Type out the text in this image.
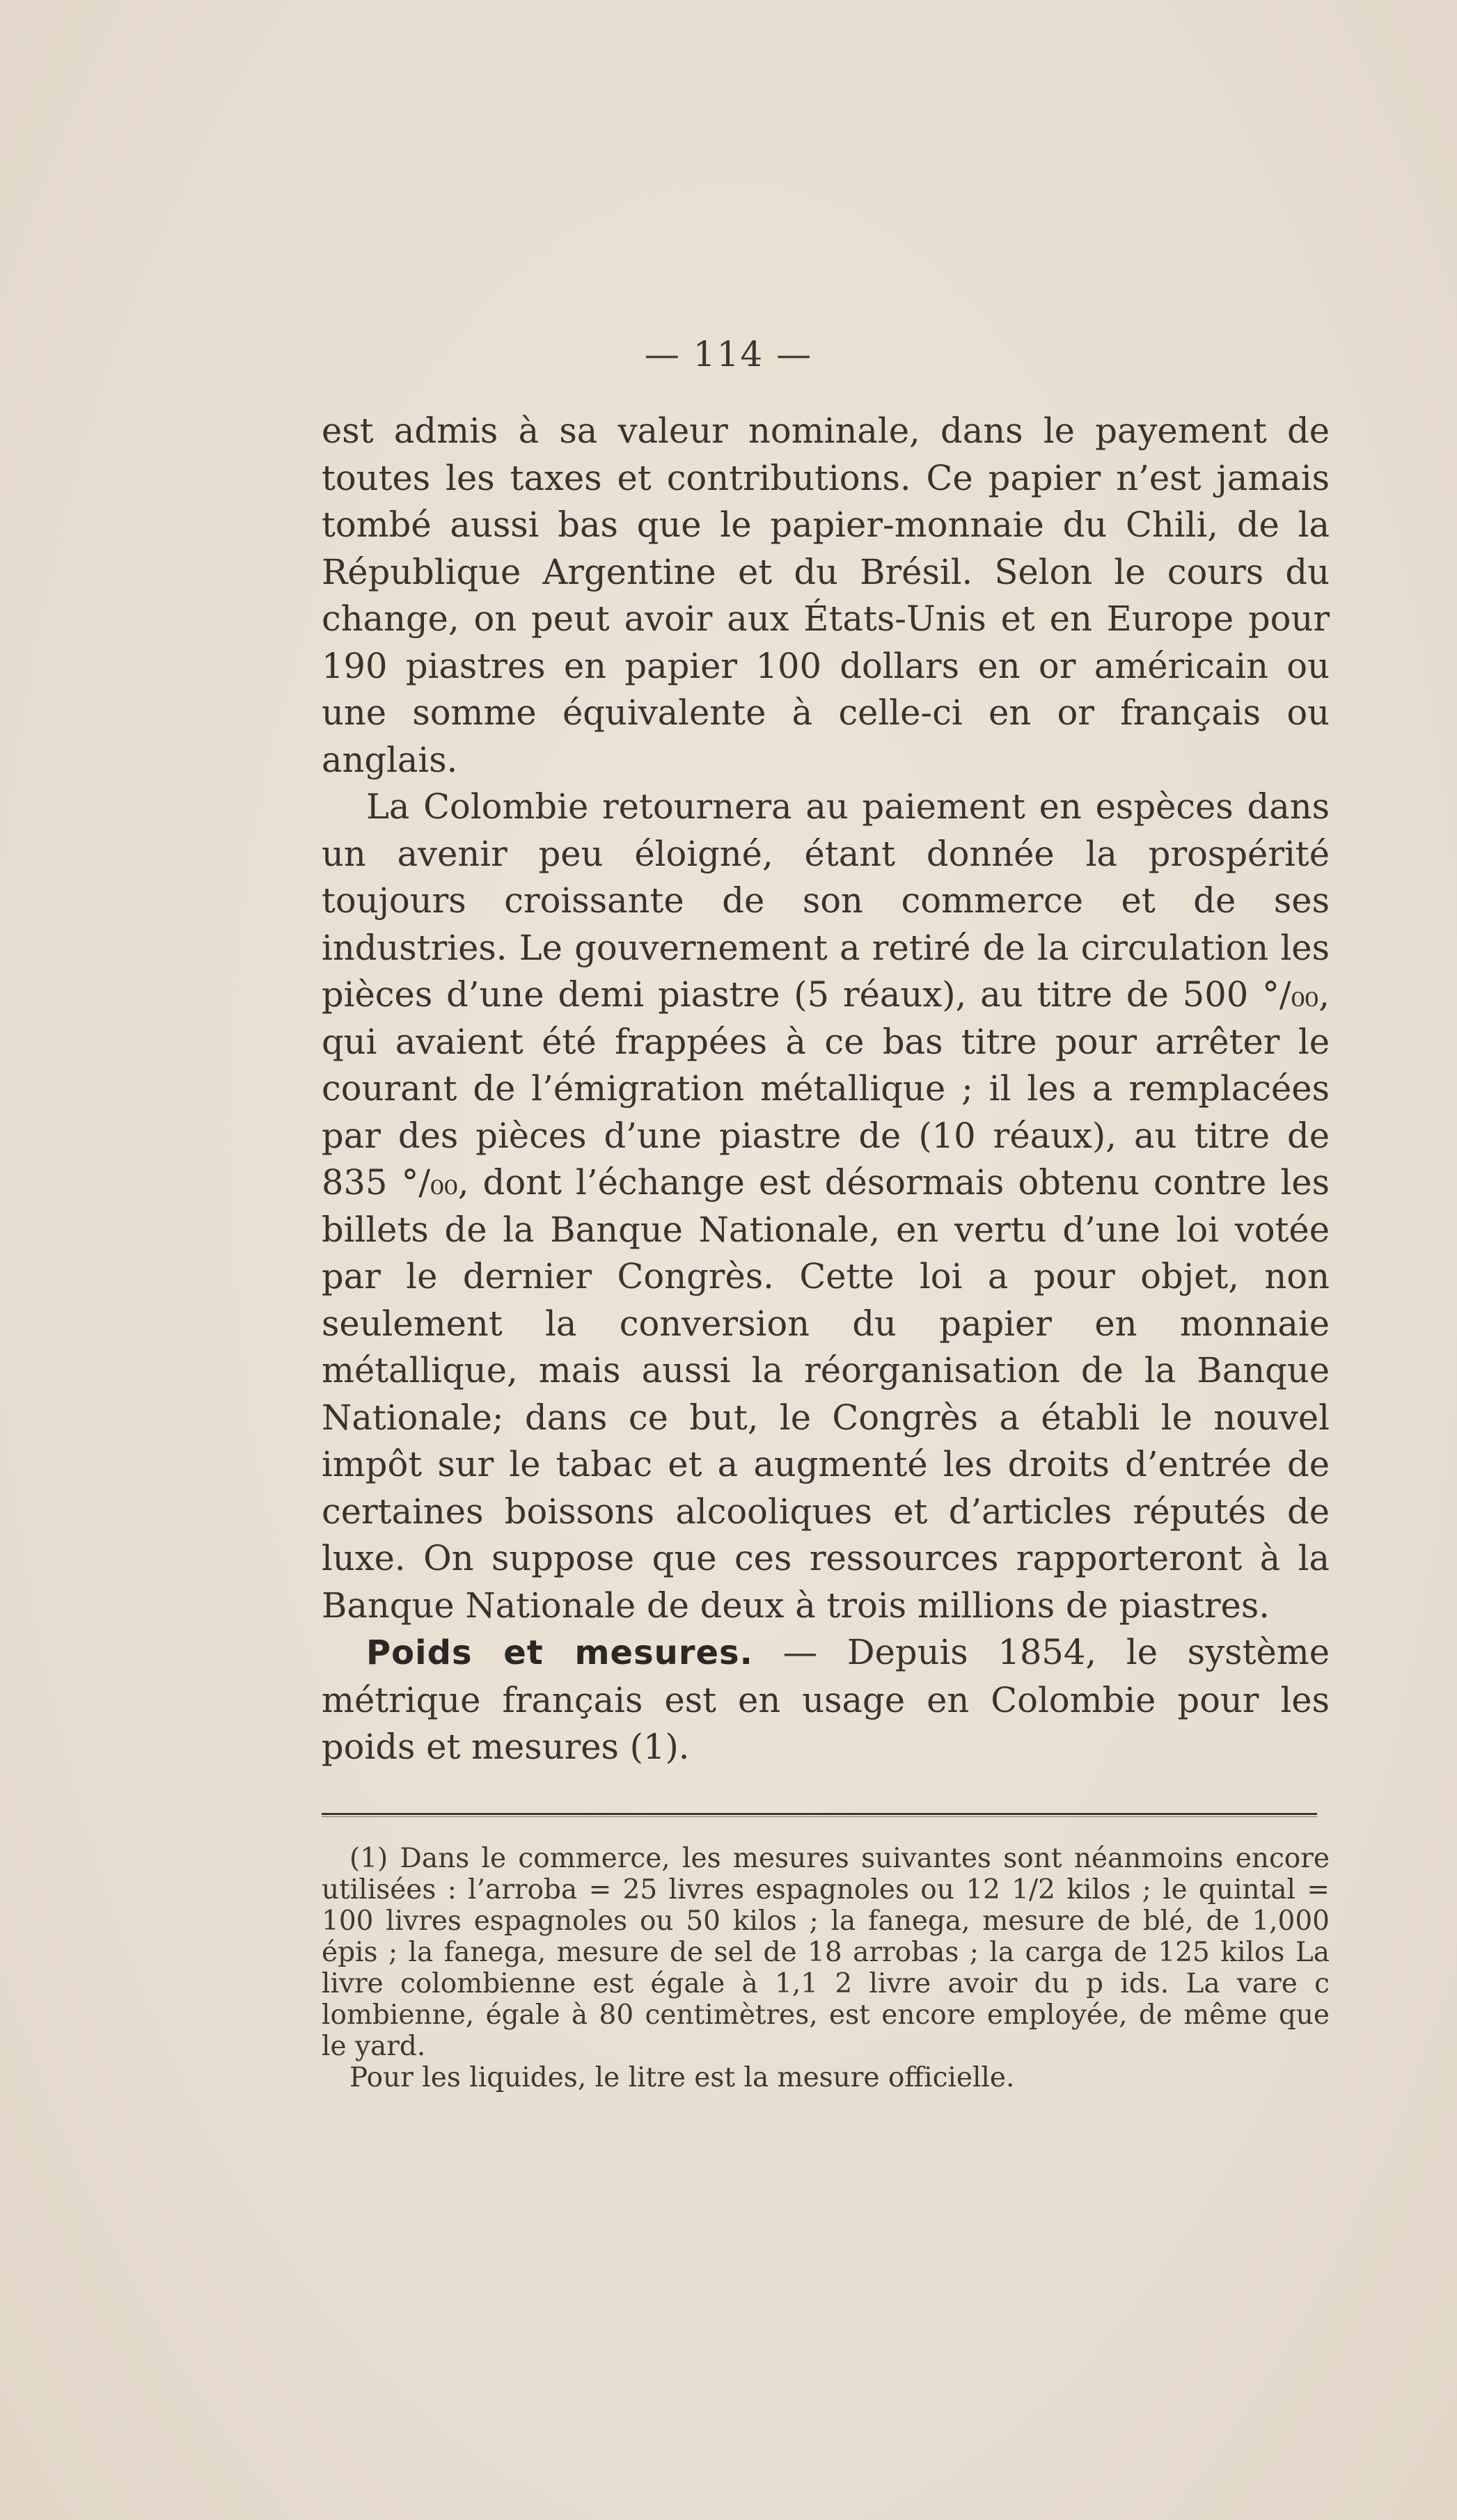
— 114 —

est admis à sa valeur nominale, dans le payement de toutes les taxes et contributions. Ce papier n’est jamais tombé aussi bas que le papier-monnaie du Chili, de la République Argentine et du Brésil. Selon le cours du change, on peut avoir aux États-Unis et en Europe pour 190 piastres en papier 100 dollars en or américain ou une somme équivalente à celle-ci en or français ou anglais.

La Colombie retournera au paiement en espèces dans un avenir peu éloigné, étant donnée la prospérité toujours croissante de son commerce et de ses industries. Le gouvernement a retiré de la circulation les pièces d’une demi piastre (5 réaux), au titre de 500 °/₀₀, qui avaient été frappées à ce bas titre pour arrêter le courant de l’émigration métallique ; il les a remplacées par des pièces d’une piastre de (10 réaux), au titre de 835 °/₀₀, dont l’échange est désormais obtenu contre les billets de la Banque Nationale, en vertu d’une loi votée par le dernier Congrès. Cette loi a pour objet, non seulement la conversion du papier en monnaie métallique, mais aussi la réorganisation de la Banque Nationale; dans ce but, le Congrès a établi le nouvel impôt sur le tabac et a augmenté les droits d’entrée de certaines boissons alcooliques et d’articles réputés de luxe. On suppose que ces ressources rapporteront à la Banque Nationale de deux à trois millions de piastres.

Poids et mesures. — Depuis 1854, le système métrique français est en usage en Colombie pour les poids et mesures (1).

(1) Dans le commerce, les mesures suivantes sont néanmoins encore utilisées : l’arroba = 25 livres espagnoles ou 12 1/2 kilos ; le quintal = 100 livres espagnoles ou 50 kilos ; la fanega, mesure de blé, de 1,000 épis ; la fanega, mesure de sel de 18 arrobas ; la carga de 125 kilos La livre colombienne est égale à 1,1 2 livre avoir du p ids. La vare c lombienne, égale à 80 centimètres, est encore employée, de même que le yard.

Pour les liquides, le litre est la mesure officielle.
